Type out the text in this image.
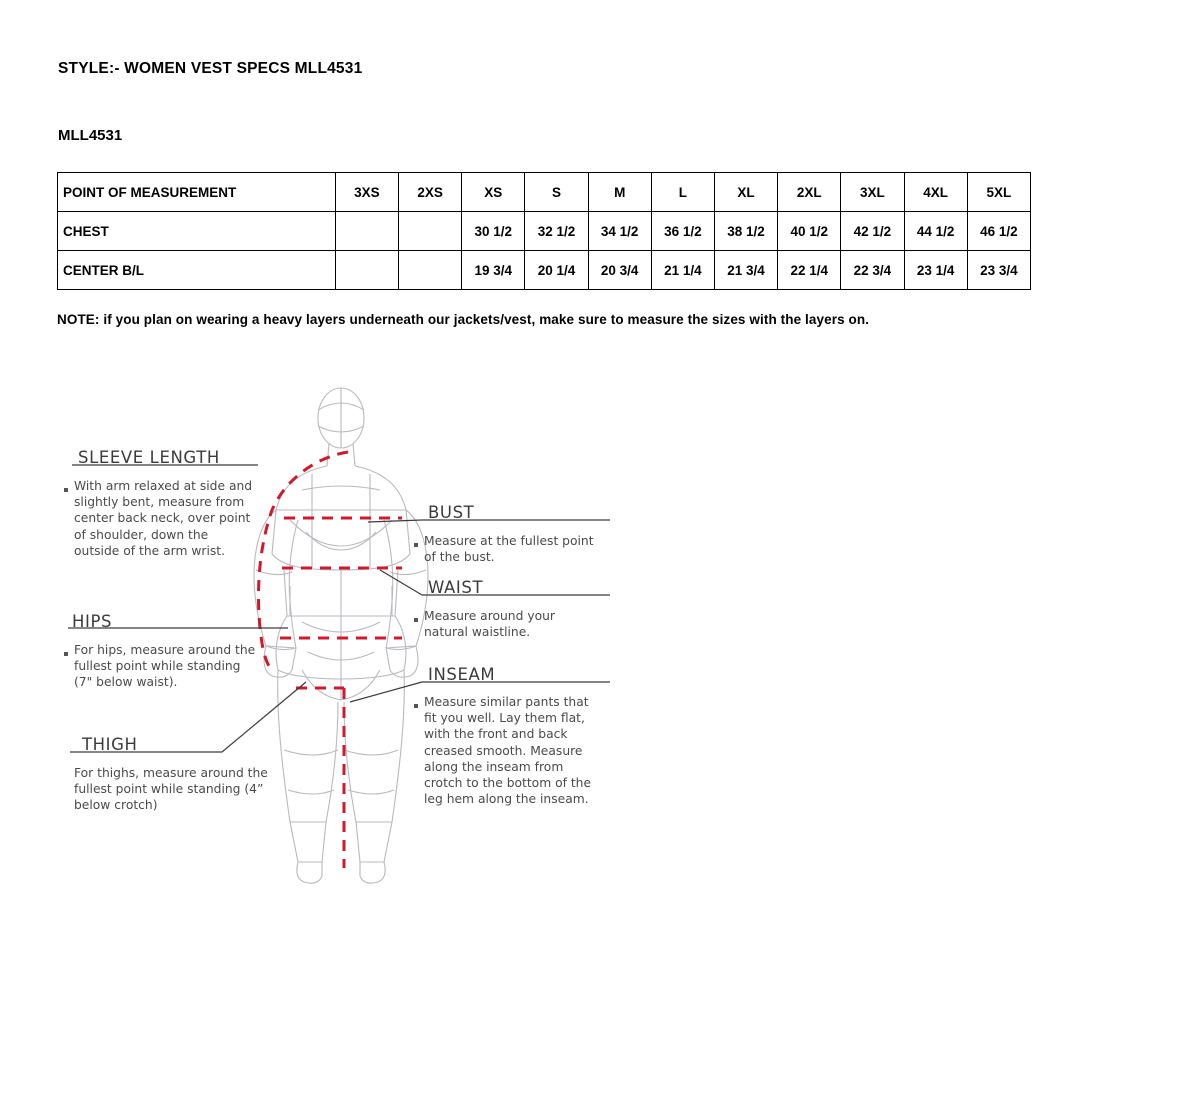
STYLE:- WOMEN VEST SPECS MLL4531
MLL4531
POINT OF MEASUREMENT	3XS	2XS	XS	S	M	L	XL	2XL	3XL	4XL	5XL
CHEST			30 1/2	32 1/2	34 1/2	36 1/2	38 1/2	40 1/2	42 1/2	44 1/2	46 1/2
CENTER B/L			19 3/4	20 1/4	20 3/4	21 1/4	21 3/4	22 1/4	22 3/4	23 1/4	23 3/4
NOTE: if you plan on wearing a heavy layers underneath our jackets/vest, make sure to measure the sizes with the layers on.
SLEEVE LENGTH
With arm relaxed at side and slightly bent, measure from center back neck, over point of shoulder, down the outside of the arm wrist.
HIPS
For hips, measure around the fullest point while standing (7" below waist).
THIGH
For thighs, measure around the fullest point while standing (4” below crotch)
BUST
Measure at the fullest point of the bust.
WAIST
Measure around your natural waistline.
INSEAM
Measure similar pants that fit you well. Lay them flat, with the front and back creased smooth. Measure along the inseam from crotch to the bottom of the leg hem along the inseam.
